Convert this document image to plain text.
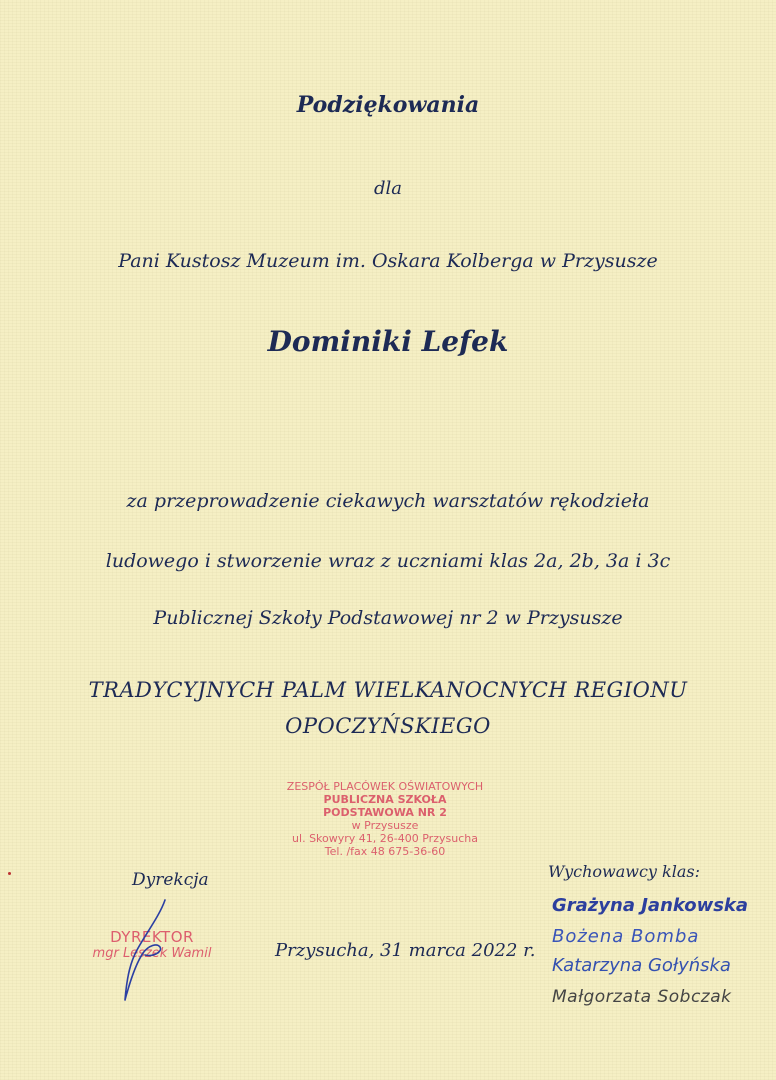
Podziękowania
dla
Pani Kustosz Muzeum im. Oskara Kolberga w Przysusze
Dominiki Lefek
za przeprowadzenie ciekawych warsztatów rękodzieła
ludowego i stworzenie wraz z uczniami klas 2a, 2b, 3a i 3c
Publicznej Szkoły Podstawowej nr 2 w Przysusze
TRADYCYJNYCH PALM WIELKANOCNYCH REGIONU
OPOCZYŃSKIEGO
ZESPÓŁ PLACÓWEK OŚWIATOWYCH
PUBLICZNA SZKOŁA
PODSTAWOWA NR 2
w Przysusze
ul. Skowyry 41, 26-400 Przysucha
Tel. /fax 48 675-36-60
Dyrekcja
DYREKTOR
mgr Leszek Wamil	Przysucha, 31 marca 2022 r.
Wychowawcy klas:
Grażyna Jankowska
Bożena Bomba
Katarzyna Gołyńska
Małgorzata Sobczak
